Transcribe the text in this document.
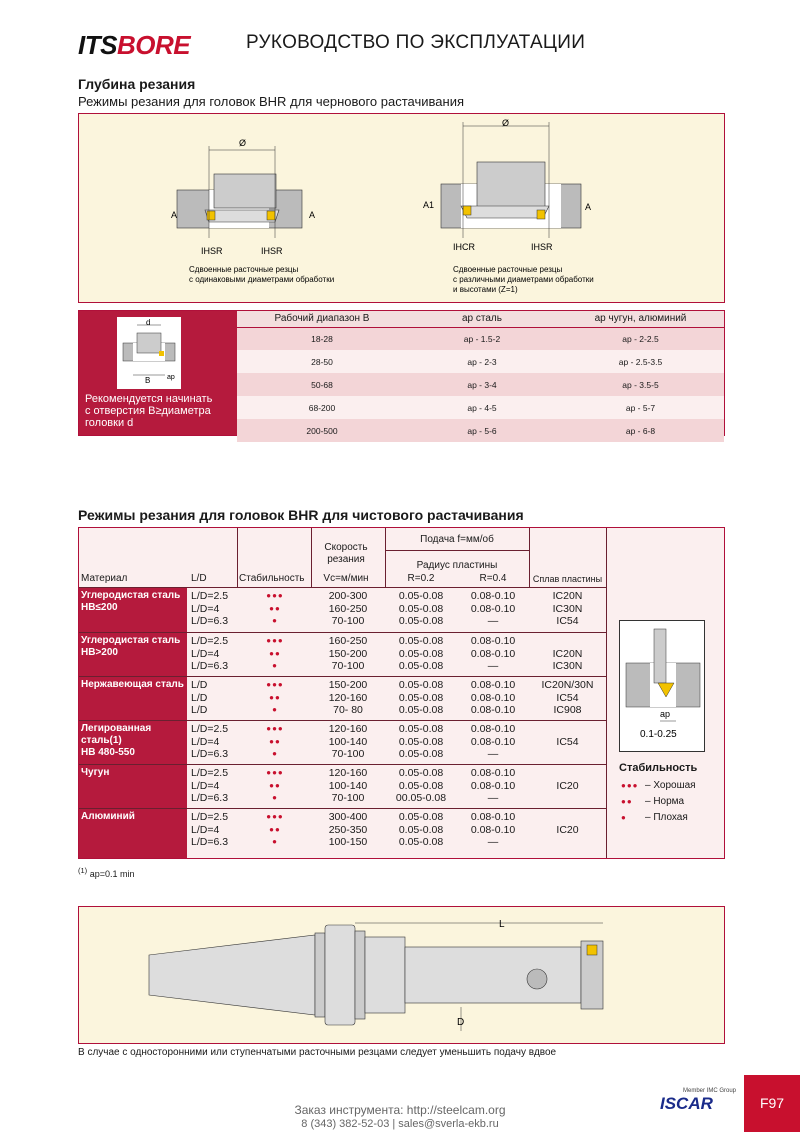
ITSBORE	РУКОВОДСТВО ПО ЭКСПЛУАТАЦИИ
Глубина резания
Режимы резания для головок BHR для чернового растачивания
Ø
A	A
IHSR	IHSR
Сдвоенные расточные резцы
с одинаковыми диаметрами обработки
Ø
A1	A
IHCR	IHSR
Сдвоенные расточные резцы
с различными диаметрами обработки
и высотами (Z=1)
d
B ap
Рекомендуется начинать
с отверстия B≥диаметра
головки d
Рабочий диапазон B	ap сталь	ap чугун, алюминий
18-28	ap - 1.5-2	ap - 2-2.5
28-50	ap - 2-3	ap - 2.5-3.5
50-68	ap - 3-4	ap - 3.5-5
68-200	ap - 4-5	ap - 5-7
200-500	ap - 5-6	ap - 6-8
Режимы резания для головок BHR для чистового растачивания
Материал	L/D	Стабильность
Скорость
резания
Vc=м/мин
Подача f=мм/об
Радиус пластины
R=0.2	R=0.4	Сплав пластины
Углеродистая сталь
HB≤200
L/D=2.5	●●●	200-300	0.05-0.08	0.08-0.10	IC20N
L/D=4	●●	160-250	0.05-0.08	0.08-0.10	IC30N
L/D=6.3	●	70-100	0.05-0.08	—	IC54
Углеродистая сталь
HB>200
L/D=2.5	●●●	160-250	0.05-0.08	0.08-0.10
L/D=4	●●	150-200	0.05-0.08	0.08-0.10	IC20N
L/D=6.3	●	70-100	0.05-0.08	—	IC30N
Нержавеющая сталь L/D	●●●	150-200	0.05-0.08	0.08-0.10	IC20N/30N
L/D	●●	120-160	0.05-0.08	0.08-0.10	IC54
L/D	●	70- 80	0.05-0.08	0.08-0.10	IC908
Легированная сталь(1)
HB 480-550
L/D=2.5	●●●	120-160	0.05-0.08	0.08-0.10
L/D=4	●●	100-140	0.05-0.08	0.08-0.10	IC54
L/D=6.3	●	70-100	0.05-0.08	—
Чугун	L/D=2.5	●●●	120-160	0.05-0.08	0.08-0.10
L/D=4	●●	100-140	0.05-0.08	0.08-0.10	IC20
L/D=6.3	●	70-100	00.05-0.08	—
Алюминий	L/D=2.5	●●●	300-400	0.05-0.08	0.08-0.10
L/D=4	●●	250-350	0.05-0.08	0.08-0.10	IC20
L/D=6.3	●	100-150	0.05-0.08	—
ap
0.1-0.25
Стабильность
●●● – Хорошая
●● – Норма
● – Плохая
$^{(1)}$ ap=0.1 min
L
D
В случае с односторонними или ступенчатыми расточными резцами следует уменьшить подачу вдвое
Заказ инструмента: http://steelcam.org
8 (343) 382-52-03 | sales@sverla-ekb.ru
Member IMC Group
ISCAR	F97
